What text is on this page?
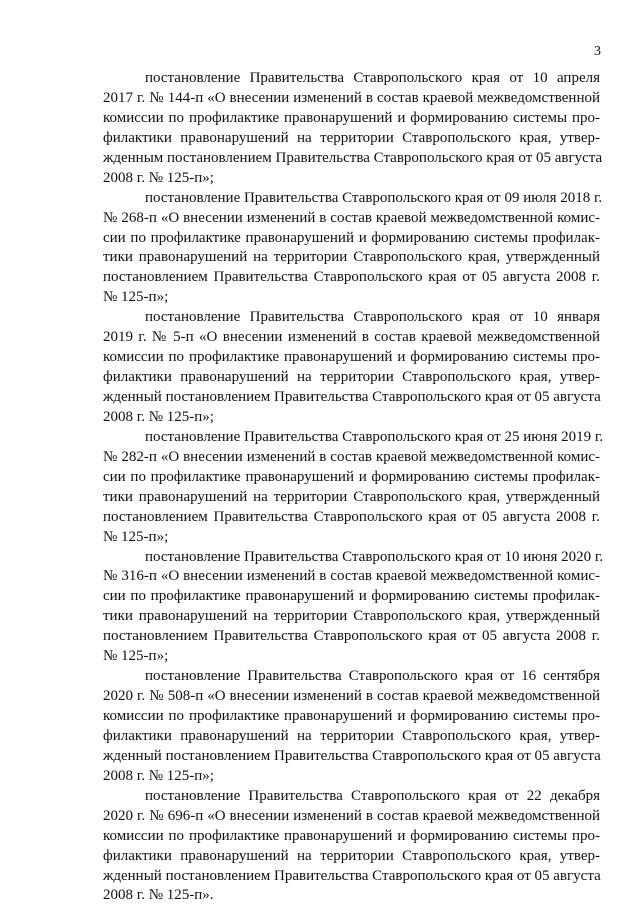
3
постановление Правительства Ставропольского края от 10 апреля
2017 г. № 144-п «О внесении изменений в состав краевой межведомственной
комиссии по профилактике правонарушений и формированию системы про-
филактики правонарушений на территории Ставропольского края, утвер-
жденным постановлением Правительства Ставропольского края от 05 августа
2008 г. № 125-п»;
постановление Правительства Ставропольского края от 09 июля 2018 г.
№ 268-п «О внесении изменений в состав краевой межведомственной комис-
сии по профилактике правонарушений и формированию системы профилак-
тики правонарушений на территории Ставропольского края, утвержденный
постановлением Правительства Ставропольского края от 05 августа 2008 г.
№ 125-п»;
постановление Правительства Ставропольского края от 10 января
2019 г. № 5-п «О внесении изменений в состав краевой межведомственной
комиссии по профилактике правонарушений и формированию системы про-
филактики правонарушений на территории Ставропольского края, утвер-
жденный постановлением Правительства Ставропольского края от 05 августа
2008 г. № 125-п»;
постановление Правительства Ставропольского края от 25 июня 2019 г.
№ 282-п «О внесении изменений в состав краевой межведомственной комис-
сии по профилактике правонарушений и формированию системы профилак-
тики правонарушений на территории Ставропольского края, утвержденный
постановлением Правительства Ставропольского края от 05 августа 2008 г.
№ 125-п»;
постановление Правительства Ставропольского края от 10 июня 2020 г.
№ 316-п «О внесении изменений в состав краевой межведомственной комис-
сии по профилактике правонарушений и формированию системы профилак-
тики правонарушений на территории Ставропольского края, утвержденный
постановлением Правительства Ставропольского края от 05 августа 2008 г.
№ 125-п»;
постановление Правительства Ставропольского края от 16 сентября
2020 г. № 508-п «О внесении изменений в состав краевой межведомственной
комиссии по профилактике правонарушений и формированию системы про-
филактики правонарушений на территории Ставропольского края, утвер-
жденный постановлением Правительства Ставропольского края от 05 августа
2008 г. № 125-п»;
постановление Правительства Ставропольского края от 22 декабря
2020 г. № 696-п «О внесении изменений в состав краевой межведомственной
комиссии по профилактике правонарушений и формированию системы про-
филактики правонарушений на территории Ставропольского края, утвер-
жденный постановлением Правительства Ставропольского края от 05 августа
2008 г. № 125-п».
